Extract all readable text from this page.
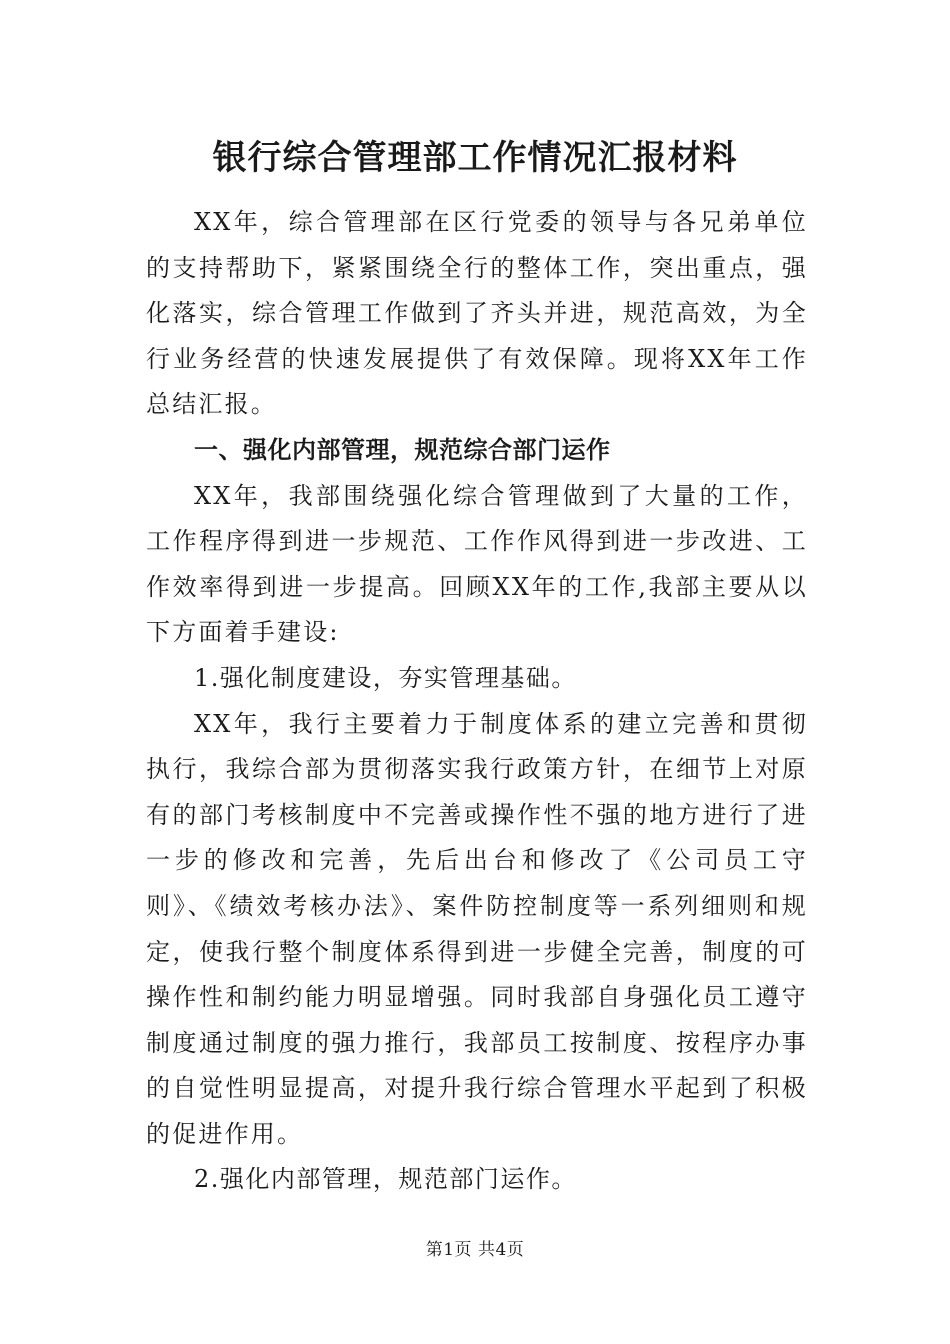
银行综合管理部工作情况汇报材料

XX年，综合管理部在区行党委的领导与各兄弟单位的支持帮助下，紧紧围绕全行的整体工作，突出重点，强化落实，综合管理工作做到了齐头并进，规范高效，为全行业务经营的快速发展提供了有效保障。现将XX年工作总结汇报。

一、强化内部管理，规范综合部门运作

XX年，我部围绕强化综合管理做到了大量的工作，工作程序得到进一步规范、工作作风得到进一步改进、工作效率得到进一步提高。回顾XX年的工作,我部主要从以下方面着手建设:

1.强化制度建设，夯实管理基础。

XX年，我行主要着力于制度体系的建立完善和贯彻执行，我综合部为贯彻落实我行政策方针，在细节上对原有的部门考核制度中不完善或操作性不强的地方进行了进一步的修改和完善，先后出台和修改了《公司员工守则》、《绩效考核办法》、案件防控制度等一系列细则和规定，使我行整个制度体系得到进一步健全完善，制度的可操作性和制约能力明显增强。同时我部自身强化员工遵守制度通过制度的强力推行，我部员工按制度、按程序办事的自觉性明显提高，对提升我行综合管理水平起到了积极的促进作用。

2.强化内部管理，规范部门运作。

第1页 共4页
